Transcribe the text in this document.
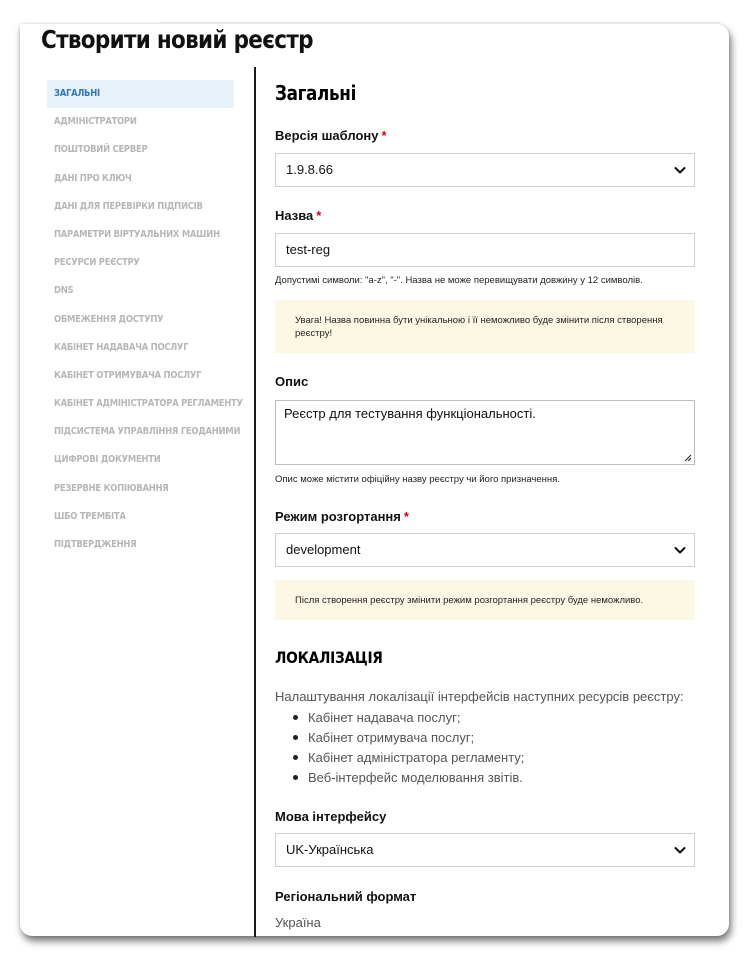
Створити новий реєстр
ЗАГАЛЬНІ
АДМІНІСТРАТОРИ
ПОШТОВИЙ СЕРВЕР
ДАНІ ПРО КЛЮЧ
ДАНІ ДЛЯ ПЕРЕВІРКИ ПІДПИСІВ
ПАРАМЕТРИ ВІРТУАЛЬНИХ МАШИН
РЕСУРСИ РЕЄСТРУ
DNS
ОБМЕЖЕННЯ ДОСТУПУ
КАБІНЕТ НАДАВАЧА ПОСЛУГ
КАБІНЕТ ОТРИМУВАЧА ПОСЛУГ
КАБІНЕТ АДМІНІСТРАТОРА РЕГЛАМЕНТУ
ПІДСИСТЕМА УПРАВЛІННЯ ГЕОДАНИМИ
ЦИФРОВІ ДОКУМЕНТИ
РЕЗЕРВНЕ КОПІЮВАННЯ
ШБО ТРЕМБІТА
ПІДТВЕРДЖЕННЯ
Загальні
Версія шаблону *
1.9.8.66
Назва *
test-reg
Допустимі символи: "a-z", "-". Назва не може перевищувати довжину у 12 символів.
Увага! Назва повинна бути унікальною і її неможливо буде змінити після створення
реєстру!
Опис
Реєстр для тестування функціональності.
Опис може містити офіційну назву реєстру чи його призначення.
Режим розгортання *
development
Після створення реєстру змінити режим розгортання реєстру буде неможливо.
ЛОКАЛІЗАЦІЯ
Налаштування локалізації інтерфейсів наступних ресурсів реєстру:
Кабінет надавача послуг;
Кабінет отримувача послуг;
Кабінет адміністратора регламенту;
Веб-інтерфейс моделювання звітів.
Мова інтерфейсу
UK-Українська
Регіональний формат
Україна
